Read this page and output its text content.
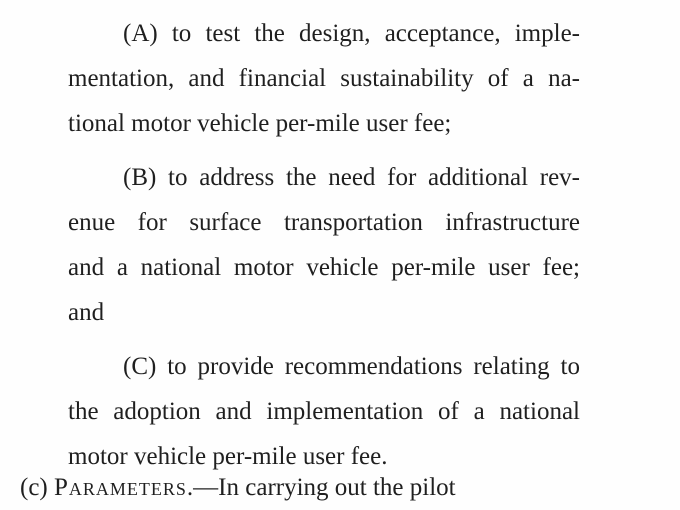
(A) to test the design, acceptance, imple-
mentation, and financial sustainability of a na-
tional motor vehicle per-mile user fee;
(B) to address the need for additional rev-
enue for surface transportation infrastructure
and a national motor vehicle per-mile user fee;
and
(C) to provide recommendations relating to
the adoption and implementation of a national
motor vehicle per-mile user fee.
(c) Parameters.—In carrying out the pilot
